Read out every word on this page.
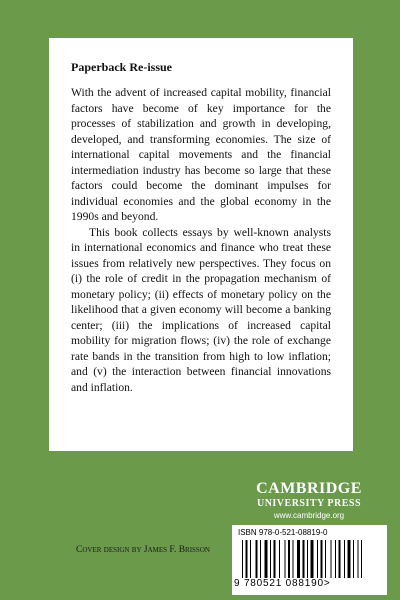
Paperback Re-issue

With the advent of increased capital mobility, financial factors have become of key importance for the processes of stabilization and growth in developing, developed, and transforming economies. The size of international capital movements and the financial intermediation industry has become so large that these factors could become the dominant impulses for individual economies and the global economy in the 1990s and beyond.

This book collects essays by well-known analysts in international economics and finance who treat these issues from relatively new perspectives. They focus on (i) the role of credit in the propagation mechanism of monetary policy; (ii) effects of monetary policy on the likelihood that a given economy will become a banking center; (iii) the implications of increased capital mobility for migration flows; (iv) the role of exchange rate bands in the transition from high to low inflation; and (v) the interaction between financial innovations and inflation.

Cover design by James F. Brisson
CAMBRIDGE
UNIVERSITY PRESS
www.cambridge.org
ISBN 978-0-521-08819-0
9 780521 088190>
